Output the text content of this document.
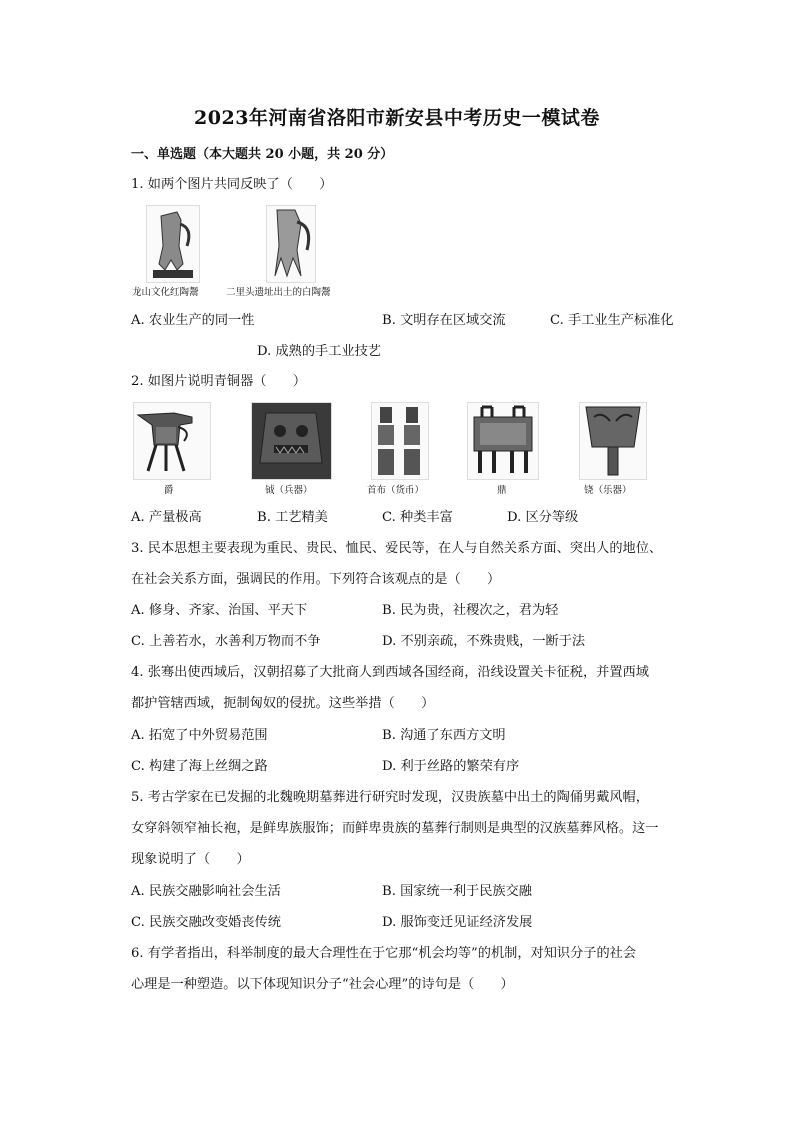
2023年河南省洛阳市新安县中考历史一模试卷
一、单选题（本大题共 20 小题，共 20 分）
1. 如两个图片共同反映了（　　）
龙山文化红陶鬶	二里头遗址出土的白陶鬶
A. 农业生产的同一性	B. 文明存在区域交流	C. 手工业生产标准化
D. 成熟的手工业技艺
2. 如图片说明青铜器（　　）
爵	钺（兵器）	首布（货币）	鼎	铙（乐器）
A. 产量极高	B. 工艺精美	C. 种类丰富	D. 区分等级
3. 民本思想主要表现为重民、贵民、恤民、爱民等，在人与自然关系方面、突出人的地位、
在社会关系方面，强调民的作用。下列符合该观点的是（　　）
A. 修身、齐家、治国、平天下	B. 民为贵，社稷次之，君为轻
C. 上善若水，水善利万物而不争	D. 不别亲疏，不殊贵贱，一断于法
4. 张骞出使西域后，汉朝招募了大批商人到西域各国经商，沿线设置关卡征税，并置西域
都护管辖西域，扼制匈奴的侵扰。这些举措（　　）
A. 拓宽了中外贸易范围	B. 沟通了东西方文明
C. 构建了海上丝绸之路	D. 利于丝路的繁荣有序
5. 考古学家在已发掘的北魏晚期墓葬进行研究时发现，汉贵族墓中出土的陶俑男戴风帽，
女穿斜领窄袖长袍，是鲜卑族服饰；而鲜卑贵族的墓葬行制则是典型的汉族墓葬风格。这一
现象说明了（　　）
A. 民族交融影响社会生活	B. 国家统一利于民族交融
C. 民族交融改变婚丧传统	D. 服饰变迁见证经济发展
6. 有学者指出，科举制度的最大合理性在于它那“机会均等”的机制，对知识分子的社会
心理是一种塑造。以下体现知识分子“社会心理”的诗句是（　　）
